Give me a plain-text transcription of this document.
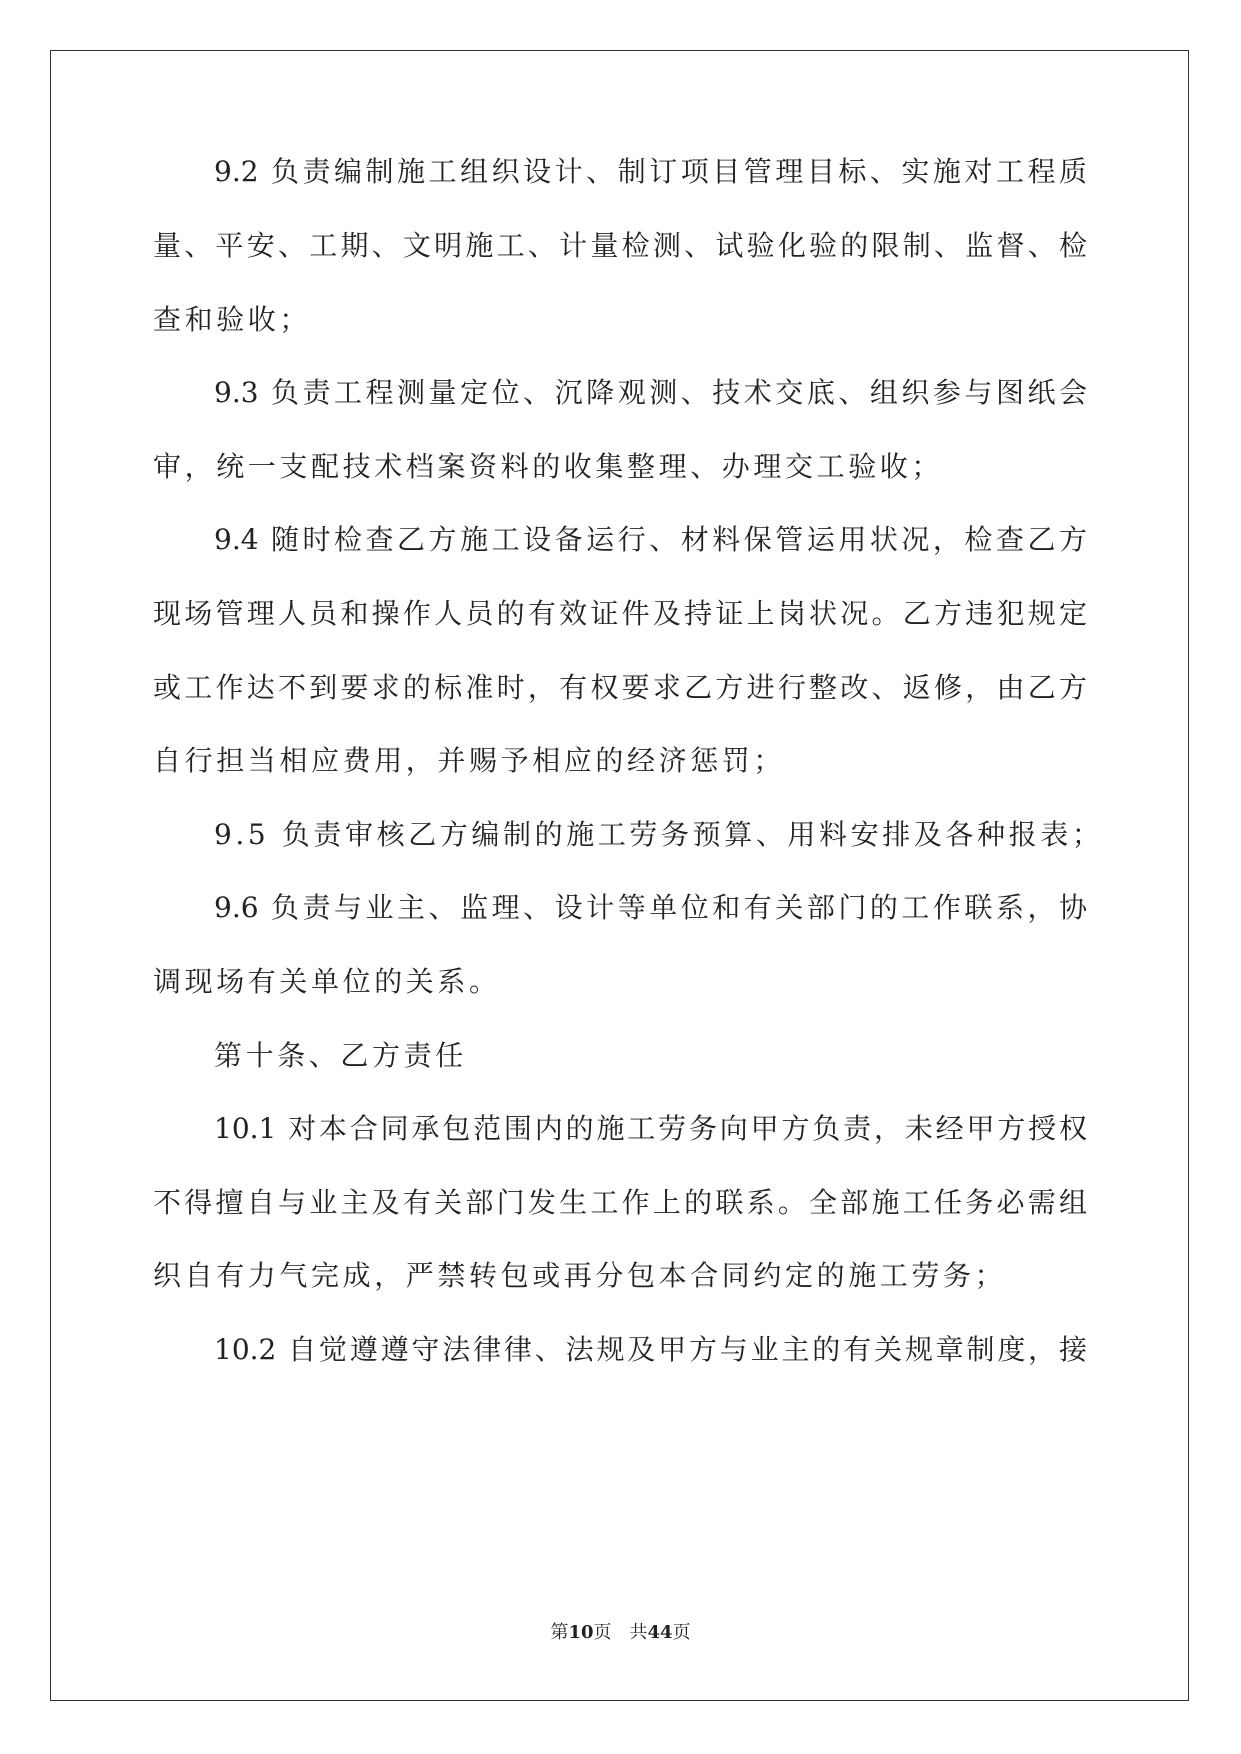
9.2 负责编制施工组织设计、制订项目管理目标、实施对工程质
量、平安、工期、文明施工、计量检测、试验化验的限制、监督、检
查和验收；
9.3 负责工程测量定位、沉降观测、技术交底、组织参与图纸会
审，统一支配技术档案资料的收集整理、办理交工验收；
9.4 随时检查乙方施工设备运行、材料保管运用状况，检查乙方
现场管理人员和操作人员的有效证件及持证上岗状况。乙方违犯规定
或工作达不到要求的标准时，有权要求乙方进行整改、返修，由乙方
自行担当相应费用，并赐予相应的经济惩罚；
9.5 负责审核乙方编制的施工劳务预算、用料安排及各种报表；
9.6 负责与业主、监理、设计等单位和有关部门的工作联系，协
调现场有关单位的关系。
第十条、乙方责任
10.1 对本合同承包范围内的施工劳务向甲方负责，未经甲方授权
不得擅自与业主及有关部门发生工作上的联系。全部施工任务必需组
织自有力气完成，严禁转包或再分包本合同约定的施工劳务；
10.2 自觉遵遵守法律律、法规及甲方与业主的有关规章制度，接
第10页　共44页
